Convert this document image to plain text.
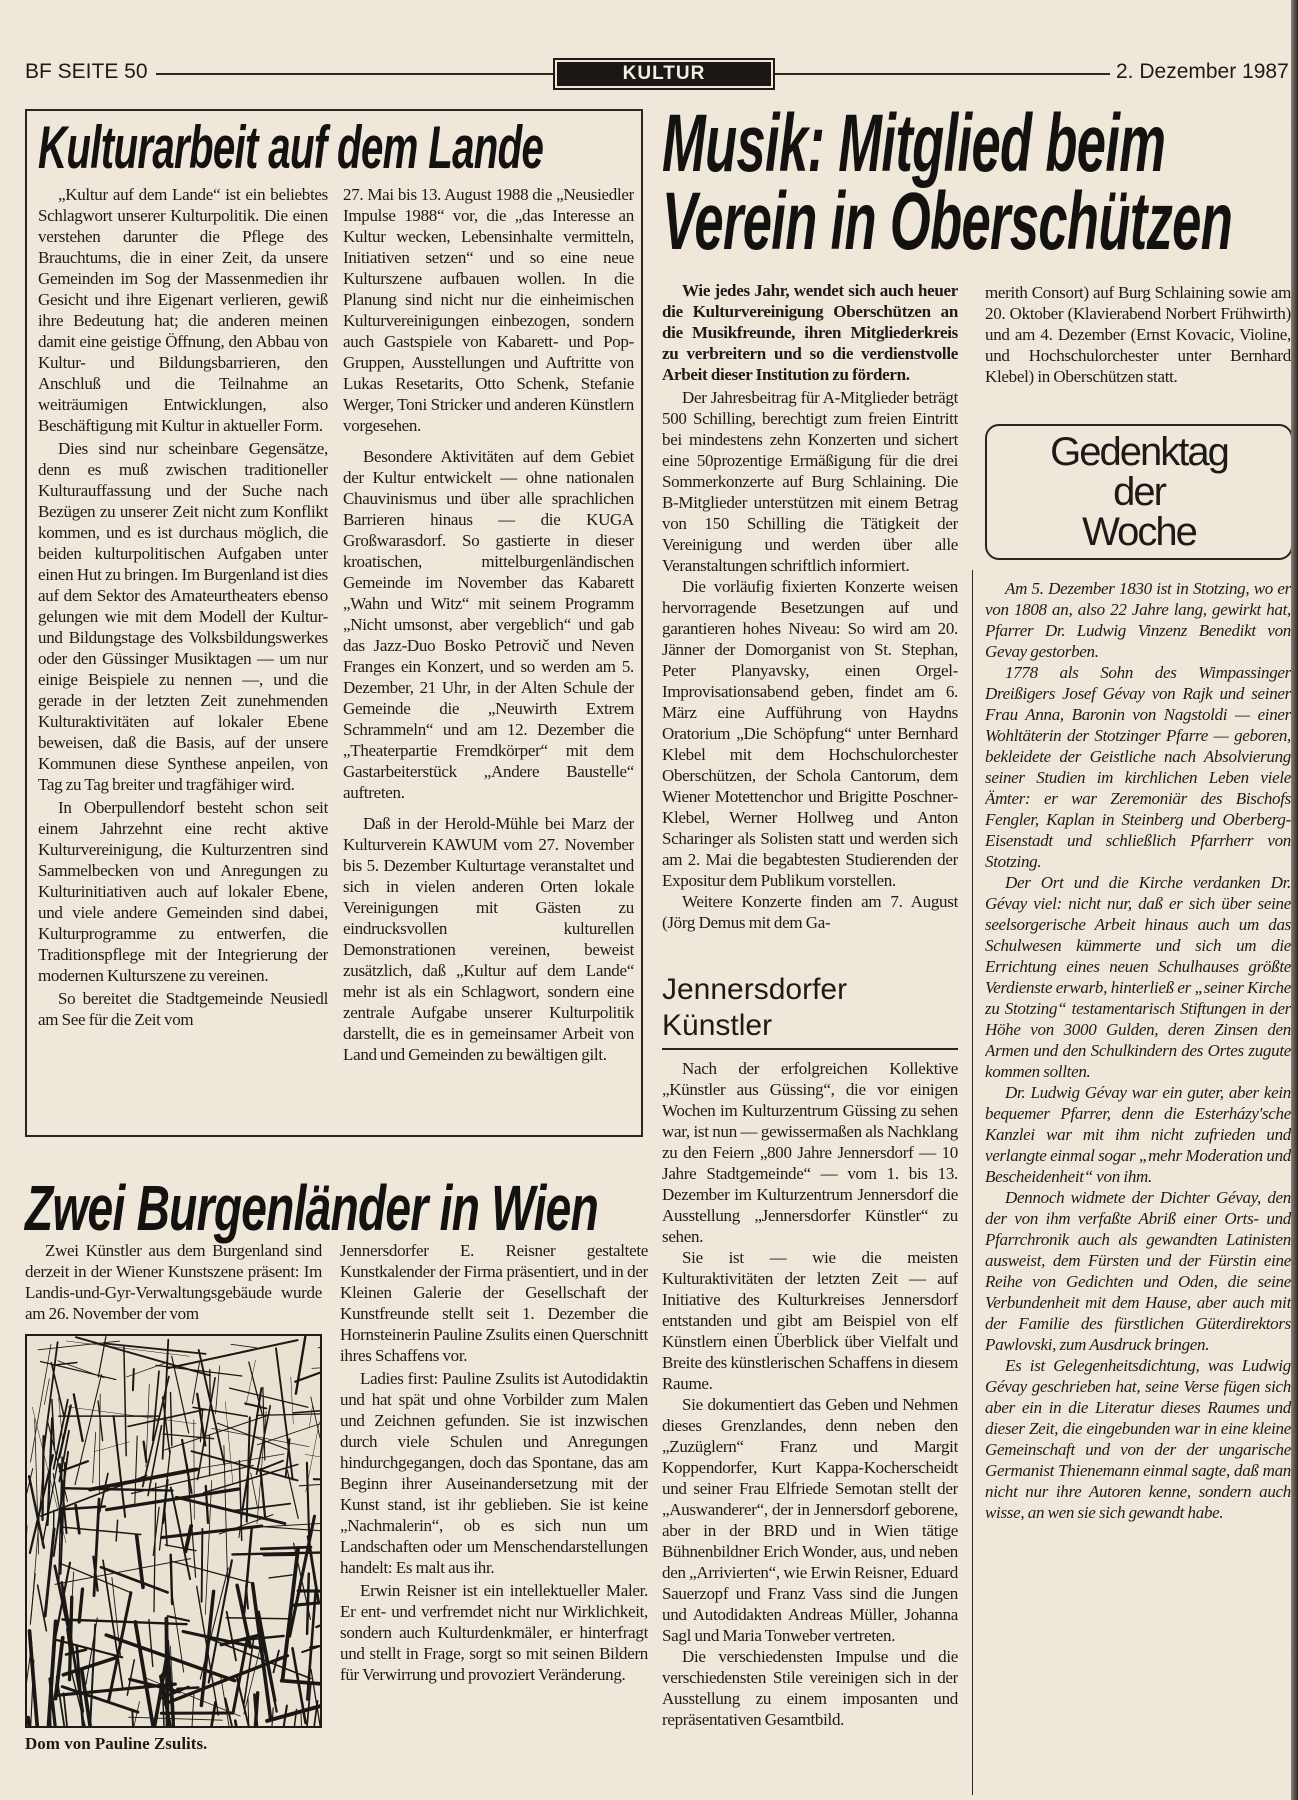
BF SEITE 50	KULTUR	2. Dezember 1987
Kulturarbeit auf dem Lande

„Kultur auf dem Lande“ ist ein beliebtes Schlagwort unserer Kulturpolitik. Die einen verstehen darunter die Pflege des Brauchtums, die in einer Zeit, da unsere Gemeinden im Sog der Massenmedien ihr Gesicht und ihre Eigenart verlieren, gewiß ihre Bedeutung hat; die anderen meinen damit eine geistige Öffnung, den Abbau von Kultur- und Bildungsbarrieren, den Anschluß und die Teilnahme an weiträumigen Entwicklungen, also Beschäftigung mit Kultur in aktueller Form.

Dies sind nur scheinbare Gegensätze, denn es muß zwischen traditioneller Kulturauffassung und der Suche nach Bezügen zu unserer Zeit nicht zum Konflikt kommen, und es ist durchaus möglich, die beiden kulturpolitischen Aufgaben unter einen Hut zu bringen. Im Burgenland ist dies auf dem Sektor des Amateurtheaters ebenso gelungen wie mit dem Modell der Kultur- und Bildungstage des Volksbildungswerkes oder den Güssinger Musiktagen — um nur einige Beispiele zu nennen —, und die gerade in der letzten Zeit zunehmenden Kulturaktivitäten auf lokaler Ebene beweisen, daß die Basis, auf der unsere Kommunen diese Synthese anpeilen, von Tag zu Tag breiter und tragfähiger wird.

In Oberpullendorf besteht schon seit einem Jahrzehnt eine recht aktive Kulturvereinigung, die Kulturzentren sind Sammelbecken von und Anregungen zu Kulturinitiativen auch auf lokaler Ebene, und viele andere Gemeinden sind dabei, Kulturprogramme zu entwerfen, die Traditionspflege mit der Integrierung der modernen Kulturszene zu vereinen.

So bereitet die Stadtgemeinde Neusiedl am See für die Zeit vom

27. Mai bis 13. August 1988 die „Neusiedler Impulse 1988“ vor, die „das Interesse an Kultur wecken, Lebensinhalte vermitteln, Initiativen setzen“ und so eine neue Kulturszene aufbauen wollen. In die Planung sind nicht nur die einheimischen Kulturvereinigungen einbezogen, sondern auch Gastspiele von Kabarett- und Pop-Gruppen, Ausstellungen und Auftritte von Lukas Resetarits, Otto Schenk, Stefanie Werger, Toni Stricker und anderen Künstlern vorgesehen.

Besondere Aktivitäten auf dem Gebiet der Kultur entwickelt — ohne nationalen Chauvinismus und über alle sprachlichen Barrieren hinaus — die KUGA Großwarasdorf. So gastierte in dieser kroatischen, mittelburgenländischen Gemeinde im November das Kabarett „Wahn und Witz“ mit seinem Programm „Nicht umsonst, aber vergeblich“ und gab das Jazz-Duo Bosko Petrovič und Neven Franges ein Konzert, und so werden am 5. Dezember, 21 Uhr, in der Alten Schule der Gemeinde die „Neuwirth Extrem Schrammeln“ und am 12. Dezember die „Theaterpartie Fremdkörper“ mit dem Gastarbeiterstück „Andere Baustelle“ auftreten.

Daß in der Herold-Mühle bei Marz der Kulturverein KAWUM vom 27. November bis 5. Dezember Kulturtage veranstaltet und sich in vielen anderen Orten lokale Vereinigungen mit Gästen zu eindrucksvollen kulturellen Demonstrationen vereinen, beweist zusätzlich, daß „Kultur auf dem Lande“ mehr ist als ein Schlagwort, sondern eine zentrale Aufgabe unserer Kulturpolitik darstellt, die es in gemeinsamer Arbeit von Land und Gemeinden zu bewältigen gilt.

Zwei Burgenländer in Wien

Zwei Künstler aus dem Burgenland sind derzeit in der Wiener Kunstszene präsent: Im Landis-und-Gyr-Verwaltungsgebäude wurde am 26. November der vom

Dom von Pauline Zsulits.

Jennersdorfer E. Reisner gestaltete Kunstkalender der Firma präsentiert, und in der Kleinen Galerie der Gesellschaft der Kunstfreunde stellt seit 1. Dezember die Hornsteinerin Pauline Zsulits einen Querschnitt ihres Schaffens vor.

Ladies first: Pauline Zsulits ist Autodidaktin und hat spät und ohne Vorbilder zum Malen und Zeichnen gefunden. Sie ist inzwischen durch viele Schulen und Anregungen hindurchgegangen, doch das Spontane, das am Beginn ihrer Auseinandersetzung mit der Kunst stand, ist ihr geblieben. Sie ist keine „Nachmalerin“, ob es sich nun um Landschaften oder um Menschendarstellungen handelt: Es malt aus ihr.

Erwin Reisner ist ein intellektueller Maler. Er ent- und verfremdet nicht nur Wirklichkeit, sondern auch Kulturdenkmäler, er hinterfragt und stellt in Frage, sorgt so mit seinen Bildern für Verwirrung und provoziert Veränderung.

Musik: Mitglied beim
Verein in Oberschützen

Wie jedes Jahr, wendet sich auch heuer die Kulturvereinigung Oberschützen an die Musikfreunde, ihren Mitgliederkreis zu verbreitern und so die verdienstvolle Arbeit dieser Institution zu fördern.

Der Jahresbeitrag für A-Mitglieder beträgt 500 Schilling, berechtigt zum freien Eintritt bei mindestens zehn Konzerten und sichert eine 50prozentige Ermäßigung für die drei Sommerkonzerte auf Burg Schlaining. Die B-Mitglieder unterstützen mit einem Betrag von 150 Schilling die Tätigkeit der Vereinigung und werden über alle Veranstaltungen schriftlich informiert.

Die vorläufig fixierten Konzerte weisen hervorragende Besetzungen auf und garantieren hohes Niveau: So wird am 20. Jänner der Domorganist von St. Stephan, Peter Planyavsky, einen Orgel-Improvisationsabend geben, findet am 6. März eine Aufführung von Haydns Oratorium „Die Schöpfung“ unter Bernhard Klebel mit dem Hochschulorchester Oberschützen, der Schola Cantorum, dem Wiener Motettenchor und Brigitte Poschner-Klebel, Werner Hollweg und Anton Scharinger als Solisten statt und werden sich am 2. Mai die begabtesten Studierenden der Expositur dem Publikum vorstellen.

Weitere Konzerte finden am 7. August (Jörg Demus mit dem Ga-

merith Consort) auf Burg Schlaining sowie am 20. Oktober (Klavierabend Norbert Frühwirth) und am 4. Dezember (Ernst Kovacic, Violine, und Hochschulorchester unter Bernhard Klebel) in Oberschützen statt.

Jennersdorfer
Künstler

Nach der erfolgreichen Kollektive „Künstler aus Güssing“, die vor einigen Wochen im Kulturzentrum Güssing zu sehen war, ist nun — gewissermaßen als Nachklang zu den Feiern „800 Jahre Jennersdorf — 10 Jahre Stadtgemeinde“ — vom 1. bis 13. Dezember im Kulturzentrum Jennersdorf die Ausstellung „Jennersdorfer Künstler“ zu sehen.

Sie ist — wie die meisten Kulturaktivitäten der letzten Zeit — auf Initiative des Kulturkreises Jennersdorf entstanden und gibt am Beispiel von elf Künstlern einen Überblick über Vielfalt und Breite des künstlerischen Schaffens in diesem Raume.

Sie dokumentiert das Geben und Nehmen dieses Grenzlandes, denn neben den „Zuzüglern“ Franz und Margit Koppendorfer, Kurt Kappa-Kocherscheidt und seiner Frau Elfriede Semotan stellt der „Auswanderer“, der in Jennersdorf geborene, aber in der BRD und in Wien tätige Bühnenbildner Erich Wonder, aus, und neben den „Arrivierten“, wie Erwin Reisner, Eduard Sauerzopf und Franz Vass sind die Jungen und Autodidakten Andreas Müller, Johanna Sagl und Maria Tonweber vertreten.

Die verschiedensten Impulse und die verschiedensten Stile vereinigen sich in der Ausstellung zu einem imposanten und repräsentativen Gesamtbild.

Gedenktag
der
Woche

Am 5. Dezember 1830 ist in Stotzing, wo er von 1808 an, also 22 Jahre lang, gewirkt hat, Pfarrer Dr. Ludwig Vinzenz Benedikt von Gevay gestorben.

1778 als Sohn des Wimpassinger Dreißigers Josef Gévay von Rajk und seiner Frau Anna, Baronin von Nagstoldi — einer Wohltäterin der Stotzinger Pfarre — geboren, bekleidete der Geistliche nach Absolvierung seiner Studien im kirchlichen Leben viele Ämter: er war Zeremoniär des Bischofs Fengler, Kaplan in Steinberg und Oberberg-Eisenstadt und schließlich Pfarrherr von Stotzing.

Der Ort und die Kirche verdanken Dr. Gévay viel: nicht nur, daß er sich über seine seelsorgerische Arbeit hinaus auch um das Schulwesen kümmerte und sich um die Errichtung eines neuen Schulhauses größte Verdienste erwarb, hinterließ er „seiner Kirche zu Stotzing“ testamentarisch Stiftungen in der Höhe von 3000 Gulden, deren Zinsen den Armen und den Schulkindern des Ortes zugute kommen sollten.

Dr. Ludwig Gévay war ein guter, aber kein bequemer Pfarrer, denn die Esterházy'sche Kanzlei war mit ihm nicht zufrieden und verlangte einmal sogar „mehr Moderation und Bescheidenheit“ von ihm.

Dennoch widmete der Dichter Gévay, den der von ihm verfaßte Abriß einer Orts- und Pfarrchronik auch als gewandten Latinisten ausweist, dem Fürsten und der Fürstin eine Reihe von Gedichten und Oden, die seine Verbundenheit mit dem Hause, aber auch mit der Familie des fürstlichen Güterdirektors Pawlovski, zum Ausdruck bringen.

Es ist Gelegenheitsdichtung, was Ludwig Gévay geschrieben hat, seine Verse fügen sich aber ein in die Literatur dieses Raumes und dieser Zeit, die eingebunden war in eine kleine Gemeinschaft und von der der ungarische Germanist Thienemann einmal sagte, daß man nicht nur ihre Autoren kenne, sondern auch wisse, an wen sie sich gewandt habe.
